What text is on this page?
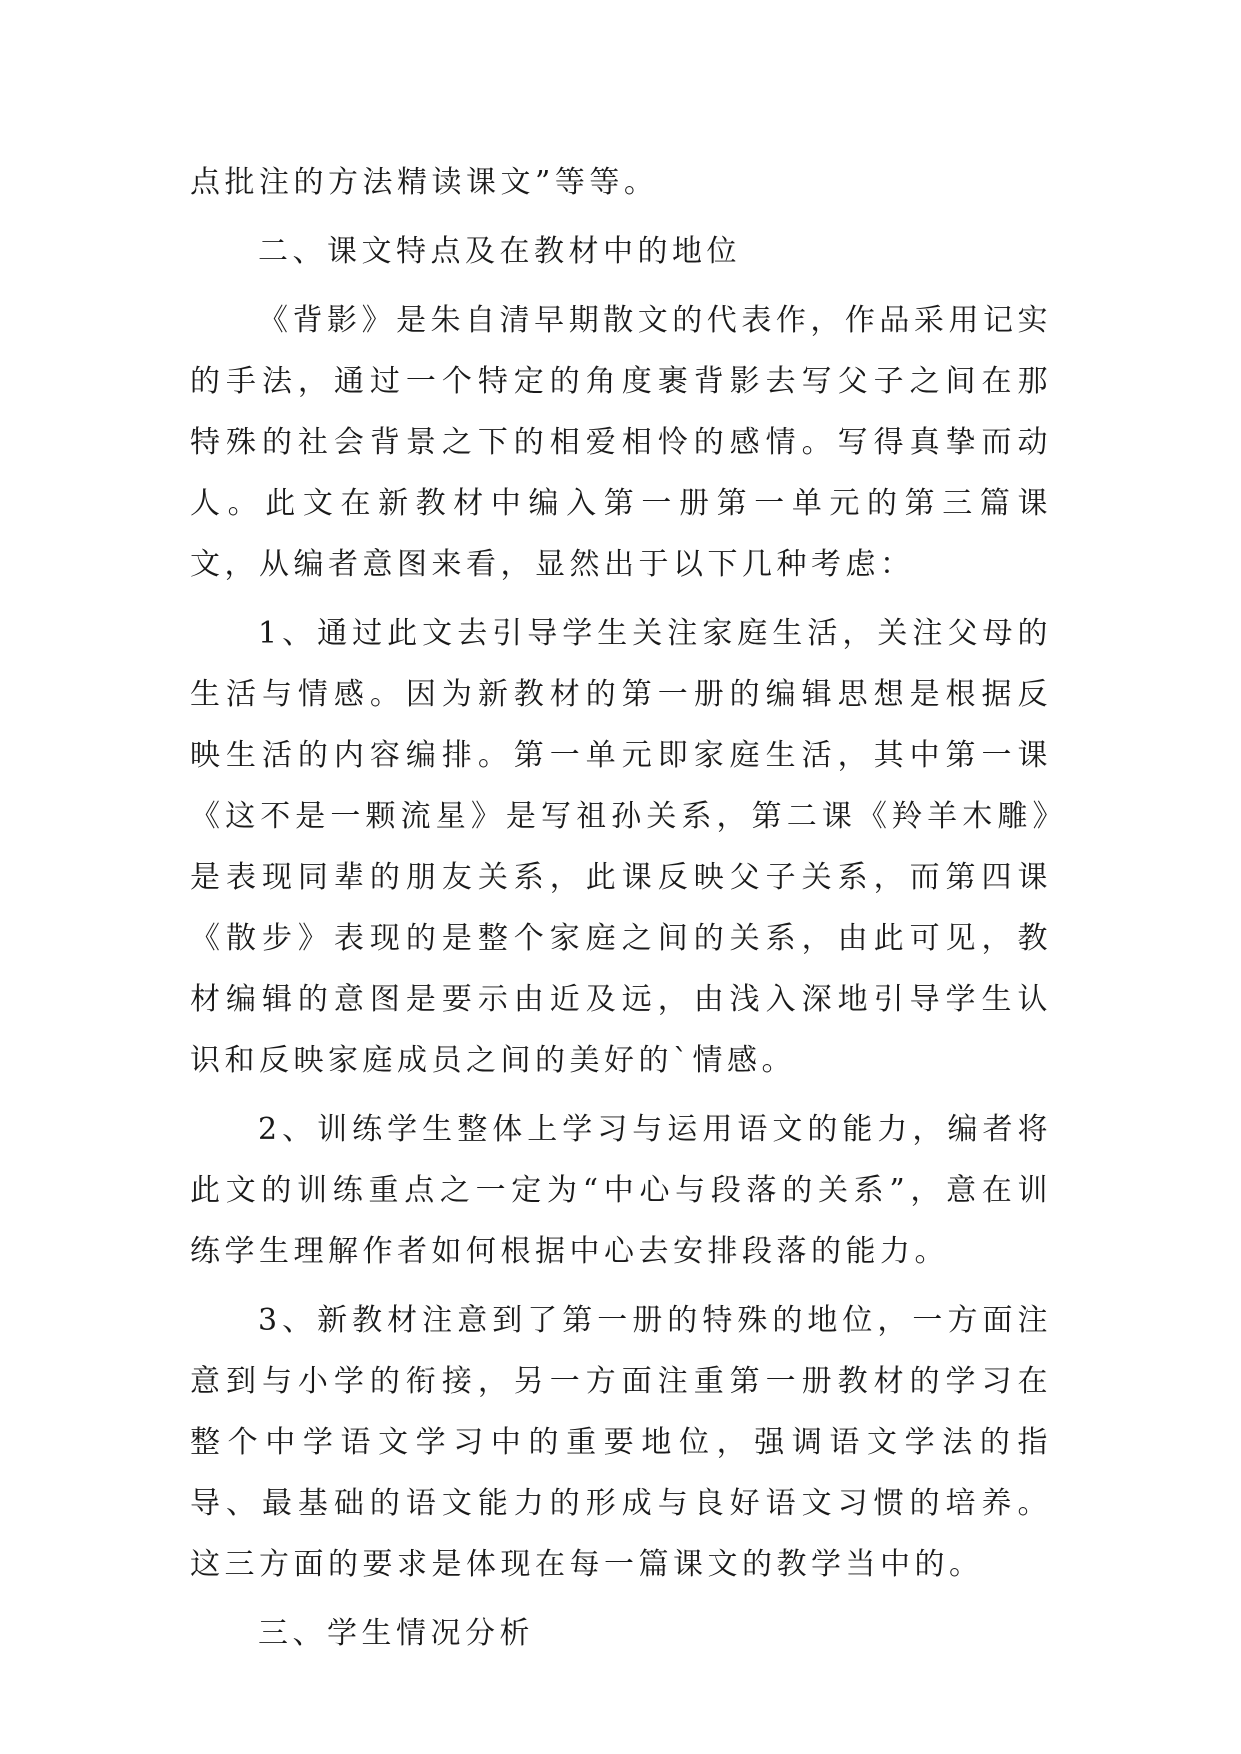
点批注的方法精读课文”等等。

二、课文特点及在教材中的地位

《背影》是朱自清早期散文的代表作，作品采用记实的手法，通过一个特定的角度裹背影去写父子之间在那特殊的社会背景之下的相爱相怜的感情。写得真挚而动人。此文在新教材中编入第一册第一单元的第三篇课文，从编者意图来看，显然出于以下几种考虑：

1、通过此文去引导学生关注家庭生活，关注父母的生活与情感。因为新教材的第一册的编辑思想是根据反映生活的内容编排。第一单元即家庭生活，其中第一课《这不是一颗流星》是写祖孙关系，第二课《羚羊木雕》是表现同辈的朋友关系，此课反映父子关系，而第四课《散步》表现的是整个家庭之间的关系，由此可见，教材编辑的意图是要示由近及远，由浅入深地引导学生认识和反映家庭成员之间的美好的`情感。

2、训练学生整体上学习与运用语文的能力，编者将此文的训练重点之一定为“中心与段落的关系”，意在训练学生理解作者如何根据中心去安排段落的能力。

3、新教材注意到了第一册的特殊的地位，一方面注意到与小学的衔接，另一方面注重第一册教材的学习在整个中学语文学习中的重要地位，强调语文学法的指导、最基础的语文能力的形成与良好语文习惯的培养。这三方面的要求是体现在每一篇课文的教学当中的。

三、学生情况分析
